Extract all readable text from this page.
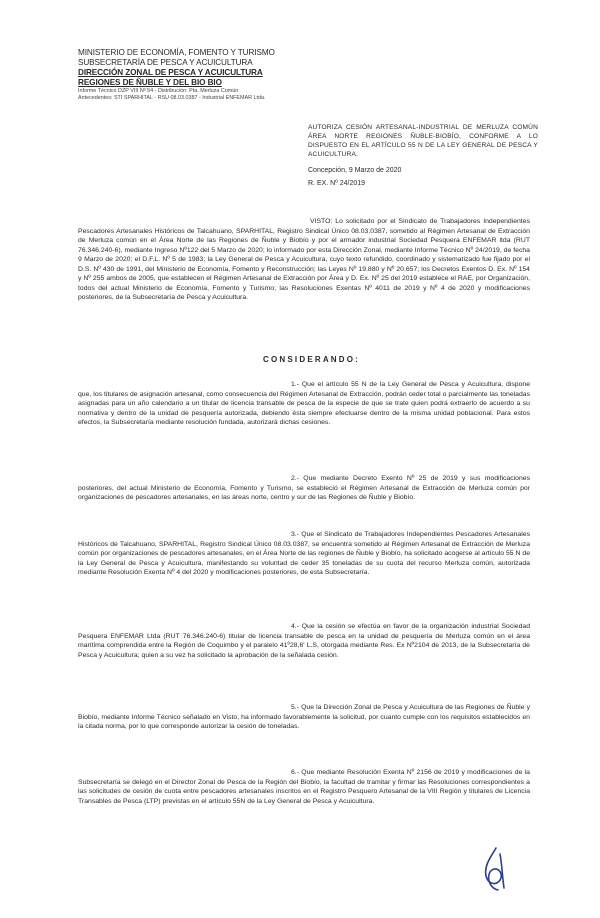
MINISTERIO DE ECONOMÍA, FOMENTO Y TURISMO
SUBSECRETARÍA DE PESCA Y ACUICULTURA
DIRECCIÓN ZONAL DE PESCA Y ACUICULTURA
REGIONES DE ÑUBLE Y DEL BIO BIO
Informe Técnico DZP VIII Nº 54 - Distribución: Pta. Merluza Común
Antecedentes: STI SPARHITAL - RSU 08.03.0387 - Industrial ENFEMAR Ltda.
AUTORIZA CESIÓN ARTESANAL-INDUSTRIAL DE MERLUZA COMÚN ÁREA NORTE REGIONES ÑUBLE-BIOBÍO, CONFORME A LO DISPUESTO EN EL ARTÍCULO 55 N DE LA LEY GENERAL DE PESCA Y ACUICULTURA.
Concepción, 9 Marzo de 2020
R. EX. Nº 24/2019
VISTO: Lo solicitado por el Sindicato de Trabajadores Independientes Pescadores Artesanales Históricos de Talcahuano, SPARHITAL, Registro Sindical Único 08.03.0387, sometido al Régimen Artesanal de Extracción de Merluza común en el Área Norte de las Regiones de Ñuble y Biobío y por el armador industrial Sociedad Pesquera ENFEMAR ltda (RUT 76.346.240-6), mediante Ingreso Nº122 del 5 Marzo de 2020; lo informado por esta Dirección Zonal, mediante Informe Técnico Nº 24/2019, de fecha 9 Marzo de 2020; el D.F.L. Nº 5 de 1983; la Ley General de Pesca y Acuicultura, cuyo texto refundido, coordinado y sistematizado fue fijado por el D.S. Nº 430 de 1991, del Ministerio de Economía, Fomento y Reconstrucción; las Leyes Nº 19.880 y Nº 20.657; los Decretos Exentos D. Ex. Nº 154 y Nº 255 ambos de 2005, que establecen el Régimen Artesanal de Extracción por Área y D. Ex. Nº 25 del 2019 establece el RAE, por Organización, todos del actual Ministerio de Economía, Fomento y Turismo; las Resoluciones Exentas Nº 4011 de 2019 y Nº 4 de 2020 y modificaciones posteriores, de la Subsecretaría de Pesca y Acuicultura.
CONSIDERANDO:
1.- Que el artículo 55 N de la Ley General de Pesca y Acuicultura, dispone que, los titulares de asignación artesanal, como consecuencia del Régimen Artesanal de Extracción, podrán ceder total o parcialmente las toneladas asignadas para un año calendario a un titular de licencia transable de pesca de la especie de que se trate quien podrá extraerlo de acuerdo a su normativa y dentro de la unidad de pesquería autorizada, debiendo ésta siempre efectuarse dentro de la misma unidad poblacional. Para estos efectos, la Subsecretaría mediante resolución fundada, autorizará dichas cesiones.
2.- Que mediante Decreto Exento Nº 25 de 2019 y sus modificaciones posteriores, del actual Ministerio de Economía, Fomento y Turismo, se estableció el Régimen Artesanal de Extracción de Merluza común por organizaciones de pescadores artesanales, en las áreas norte, centro y sur de las Regiones de Ñuble y Biobío.
3.- Que el Sindicato de Trabajadores Independientes Pescadores Artesanales Históricos de Talcahuano, SPARHITAL, Registro Sindical Único 08.03.0387, se encuentra sometido al Régimen Artesanal de Extracción de Merluza común por organizaciones de pescadores artesanales, en el Área Norte de las regiones de Ñuble y Biobío, ha solicitado acogerse al artículo 55 N de la Ley General de Pesca y Acuicultura, manifestando su voluntad de ceder 35 toneladas de su cuota del recurso Merluza común, autorizada mediante Resolución Exenta Nº 4 del 2020 y modificaciones posteriores, de esta Subsecretaría.
4.- Que la cesión se efectúa en favor de la organización industrial Sociedad Pesquera ENFEMAR Ltda (RUT 76.346.240-6) titular de licencia transable de pesca en la unidad de pesquería de Merluza común en el área marítima comprendida entre la Región de Coquimbo y el paralelo 41º28,6' L.S, otorgada mediante Res. Ex Nº2104 de 2013, de la Subsecretaría de Pesca y Acuicultura; quien a su vez ha solicitado la aprobación de la señalada cesión.
5.- Que la Dirección Zonal de Pesca y Acuicultura de las Regiones de Ñuble y Biobío, mediante Informe Técnico señalado en Visto, ha informado favorablemente la solicitud, por cuanto cumple con los requisitos establecidos en la citada norma, por lo que corresponde autorizar la cesión de toneladas.
6.- Que mediante Resolución Exenta Nº 2156 de 2019 y modificaciones de la Subsecretaría se delegó en el Director Zonal de Pesca de la Región del Biobío, la facultad de tramitar y firmar las Resoluciones correspondientes a las solicitudes de cesión de cuota entre pescadores artesanales inscritos en el Registro Pesquero Artesanal de la VIII Región y titulares de Licencia Transables de Pesca (LTP) previstas en el artículo 55N de la Ley General de Pesca y Acuicultura.
